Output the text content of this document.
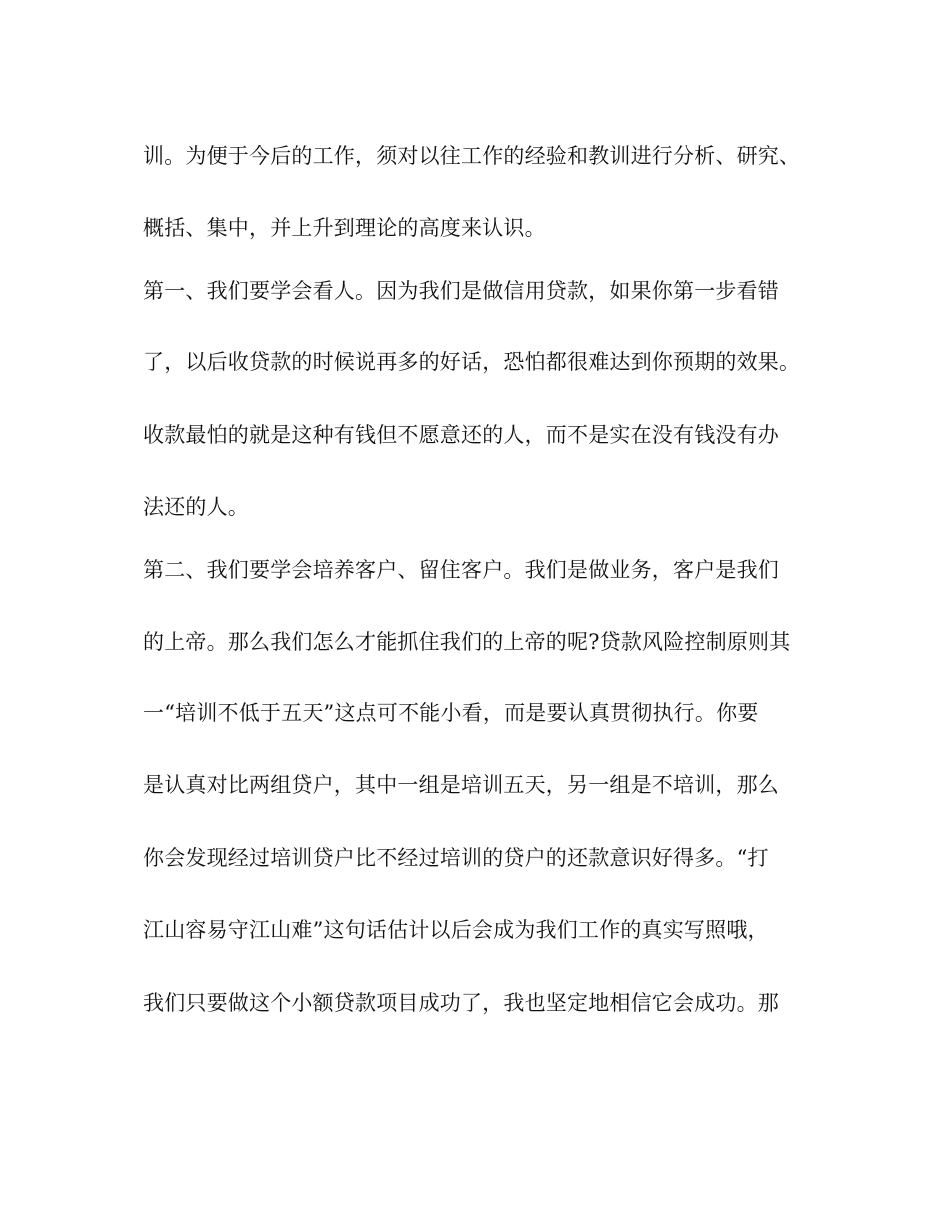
训。为便于今后的工作，须对以往工作的经验和教训进行分析、研究、
概括、集中，并上升到理论的高度来认识。
第一、我们要学会看人。因为我们是做信用贷款，如果你第一步看错
了，以后收贷款的时候说再多的好话，恐怕都很难达到你预期的效果。
收款最怕的就是这种有钱但不愿意还的人，而不是实在没有钱没有办
法还的人。
第二、我们要学会培养客户、留住客户。我们是做业务，客户是我们
的上帝。那么我们怎么才能抓住我们的上帝的呢?贷款风险控制原则其
一“培训不低于五天”这点可不能小看，而是要认真贯彻执行。你要
是认真对比两组贷户，其中一组是培训五天，另一组是不培训，那么
你会发现经过培训贷户比不经过培训的贷户的还款意识好得多。“打
江山容易守江山难”这句话估计以后会成为我们工作的真实写照哦，
我们只要做这个小额贷款项目成功了，我也坚定地相信它会成功。那
